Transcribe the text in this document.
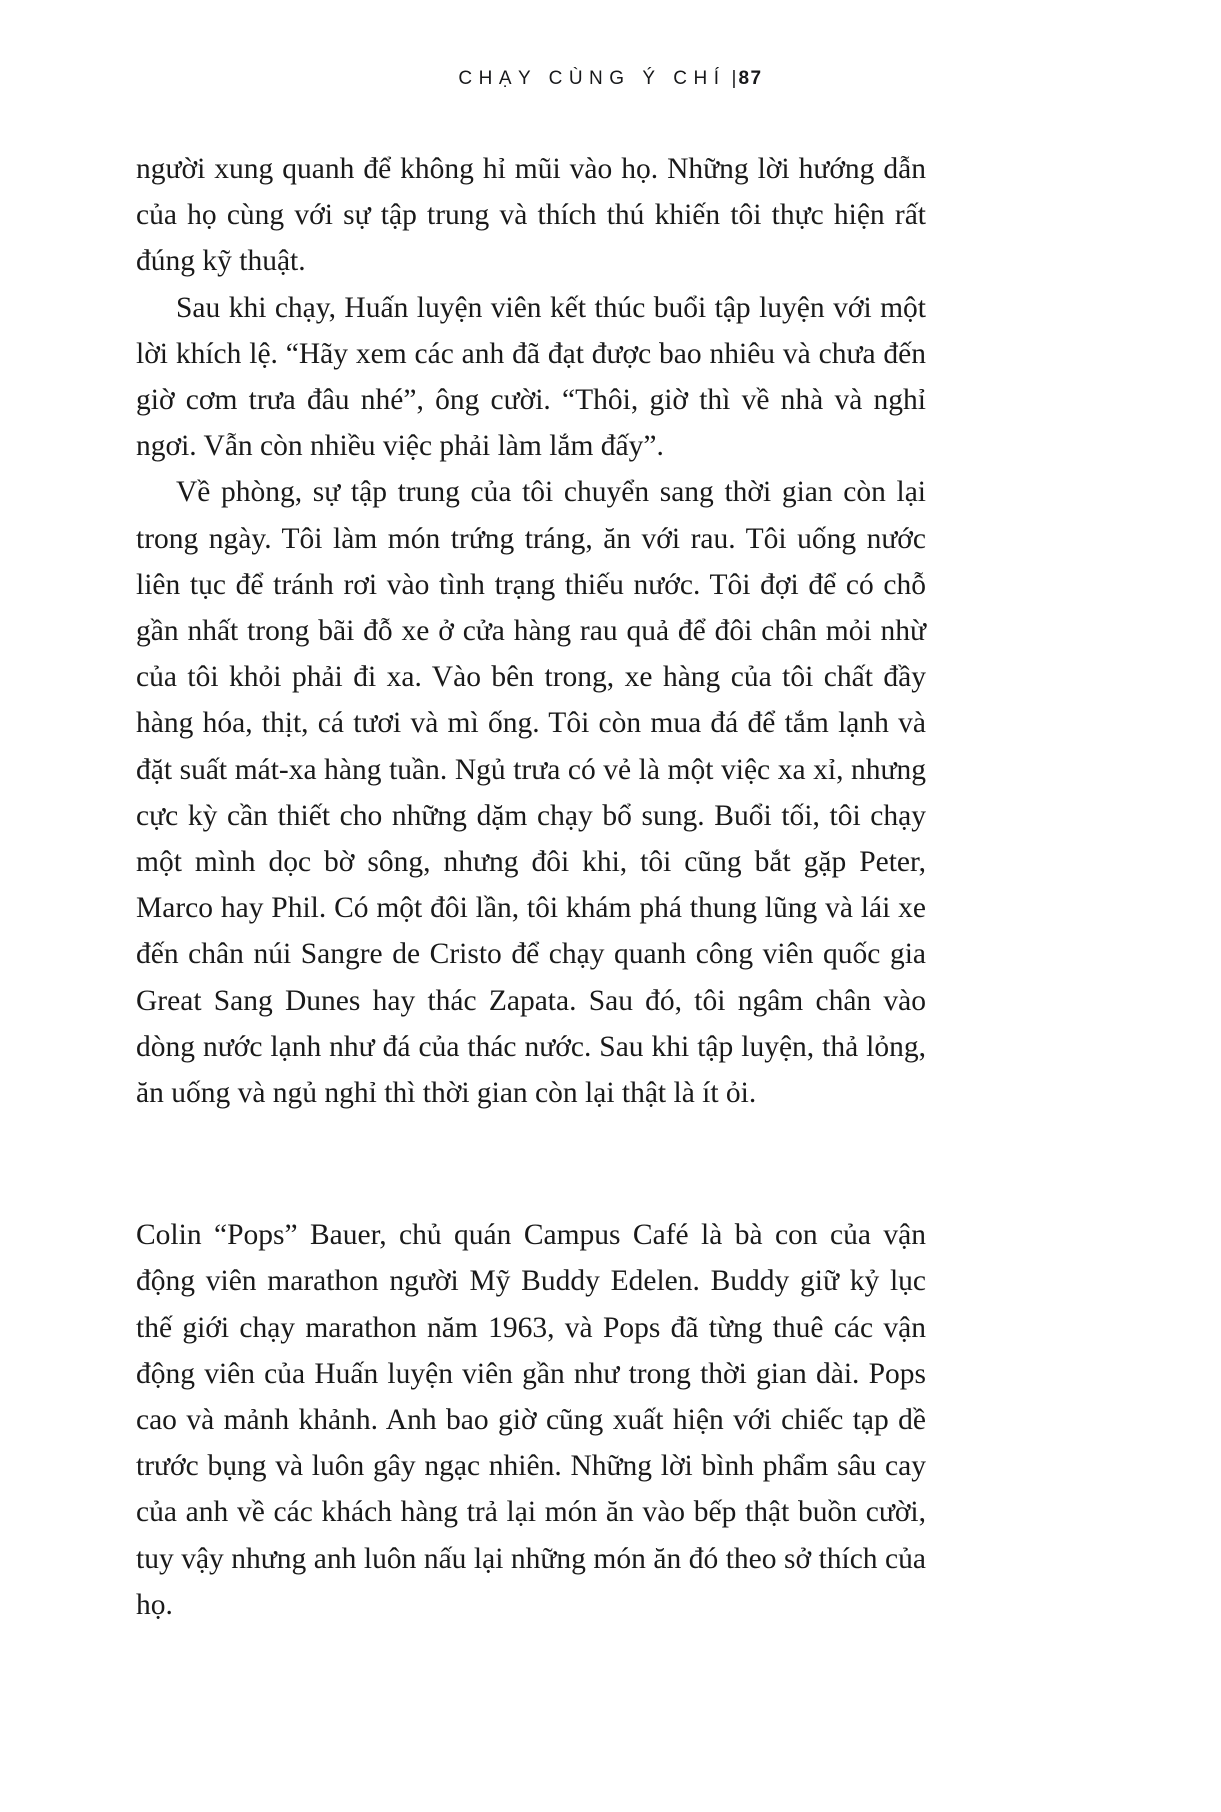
CHẠY CÙNG Ý CHÍ | 87

người xung quanh để không hỉ mũi vào họ. Những lời hướng dẫn của họ cùng với sự tập trung và thích thú khiến tôi thực hiện rất đúng kỹ thuật.

Sau khi chạy, Huấn luyện viên kết thúc buổi tập luyện với một lời khích lệ. “Hãy xem các anh đã đạt được bao nhiêu và chưa đến giờ cơm trưa đâu nhé”, ông cười. “Thôi, giờ thì về nhà và nghỉ ngơi. Vẫn còn nhiều việc phải làm lắm đấy”.

Về phòng, sự tập trung của tôi chuyển sang thời gian còn lại trong ngày. Tôi làm món trứng tráng, ăn với rau. Tôi uống nước liên tục để tránh rơi vào tình trạng thiếu nước. Tôi đợi để có chỗ gần nhất trong bãi đỗ xe ở cửa hàng rau quả để đôi chân mỏi nhừ của tôi khỏi phải đi xa. Vào bên trong, xe hàng của tôi chất đầy hàng hóa, thịt, cá tươi và mì ống. Tôi còn mua đá để tắm lạnh và đặt suất mát-xa hàng tuần. Ngủ trưa có vẻ là một việc xa xỉ, nhưng cực kỳ cần thiết cho những dặm chạy bổ sung. Buổi tối, tôi chạy một mình dọc bờ sông, nhưng đôi khi, tôi cũng bắt gặp Peter, Marco hay Phil. Có một đôi lần, tôi khám phá thung lũng và lái xe đến chân núi Sangre de Cristo để chạy quanh công viên quốc gia Great Sang Dunes hay thác Zapata. Sau đó, tôi ngâm chân vào dòng nước lạnh như đá của thác nước. Sau khi tập luyện, thả lỏng, ăn uống và ngủ nghỉ thì thời gian còn lại thật là ít ỏi.

Colin “Pops” Bauer, chủ quán Campus Café là bà con của vận động viên marathon người Mỹ Buddy Edelen. Buddy giữ kỷ lục thế giới chạy marathon năm 1963, và Pops đã từng thuê các vận động viên của Huấn luyện viên gần như trong thời gian dài. Pops cao và mảnh khảnh. Anh bao giờ cũng xuất hiện với chiếc tạp dề trước bụng và luôn gây ngạc nhiên. Những lời bình phẩm sâu cay của anh về các khách hàng trả lại món ăn vào bếp thật buồn cười, tuy vậy nhưng anh luôn nấu lại những món ăn đó theo sở thích của họ.
